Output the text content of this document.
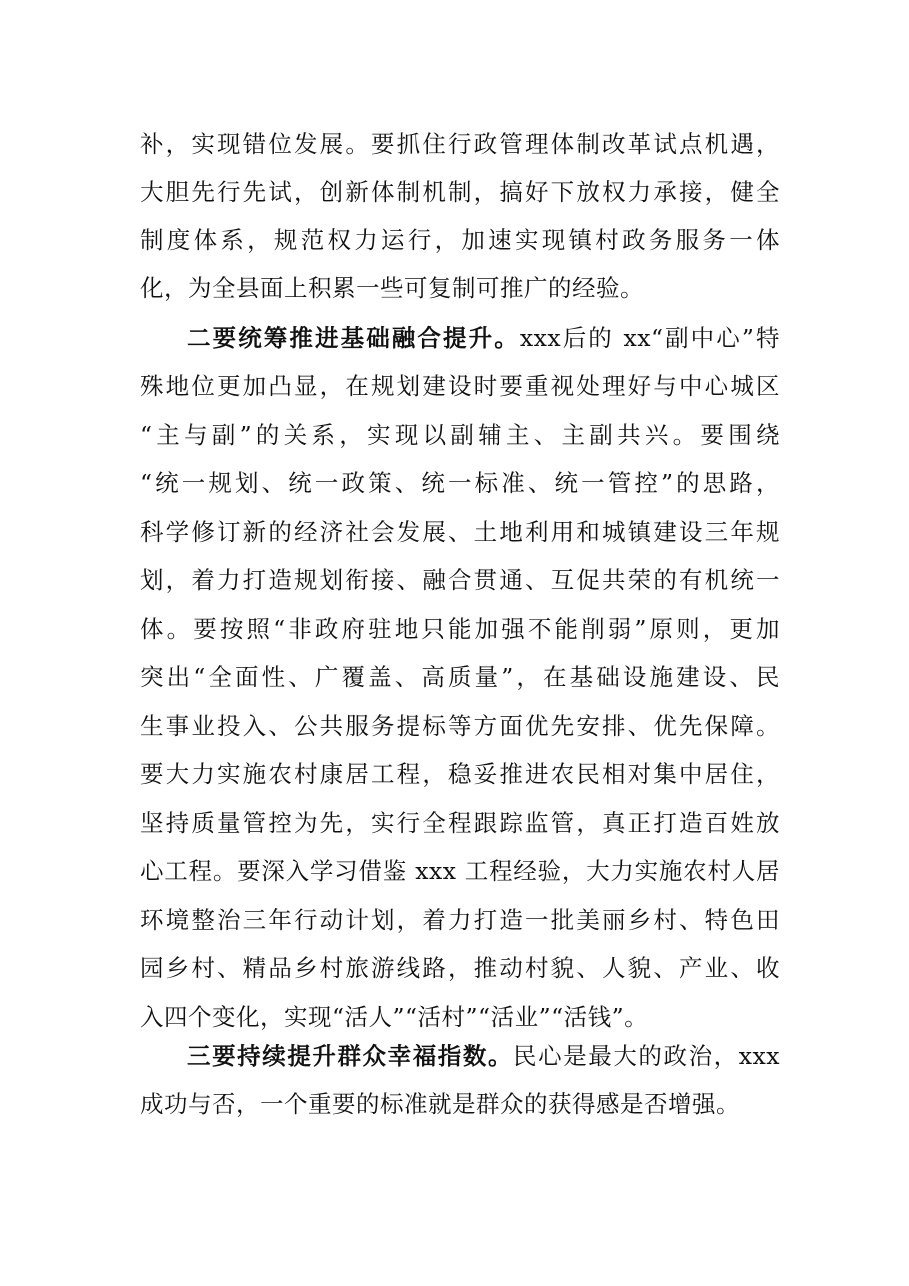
补，实现错位发展。要抓住行政管理体制改革试点机遇，
大胆先行先试，创新体制机制，搞好下放权力承接，健全
制度体系，规范权力运行，加速实现镇村政务服务一体
化，为全县面上积累一些可复制可推广的经验。
二要统筹推进基础融合提升。xxx后的 xx“副中心”特
殊地位更加凸显，在规划建设时要重视处理好与中心城区
“主与副”的关系，实现以副辅主、主副共兴。要围绕
“统一规划、统一政策、统一标准、统一管控”的思路，
科学修订新的经济社会发展、土地利用和城镇建设三年规
划，着力打造规划衔接、融合贯通、互促共荣的有机统一
体。要按照“非政府驻地只能加强不能削弱”原则，更加
突出“全面性、广覆盖、高质量”，在基础设施建设、民
生事业投入、公共服务提标等方面优先安排、优先保障。
要大力实施农村康居工程，稳妥推进农民相对集中居住，
坚持质量管控为先，实行全程跟踪监管，真正打造百姓放
心工程。要深入学习借鉴 xxx 工程经验，大力实施农村人居
环境整治三年行动计划，着力打造一批美丽乡村、特色田
园乡村、精品乡村旅游线路，推动村貌、人貌、产业、收
入四个变化，实现“活人”“活村”“活业”“活钱”。
三要持续提升群众幸福指数。民心是最大的政治，xxx
成功与否，一个重要的标准就是群众的获得感是否增强。
